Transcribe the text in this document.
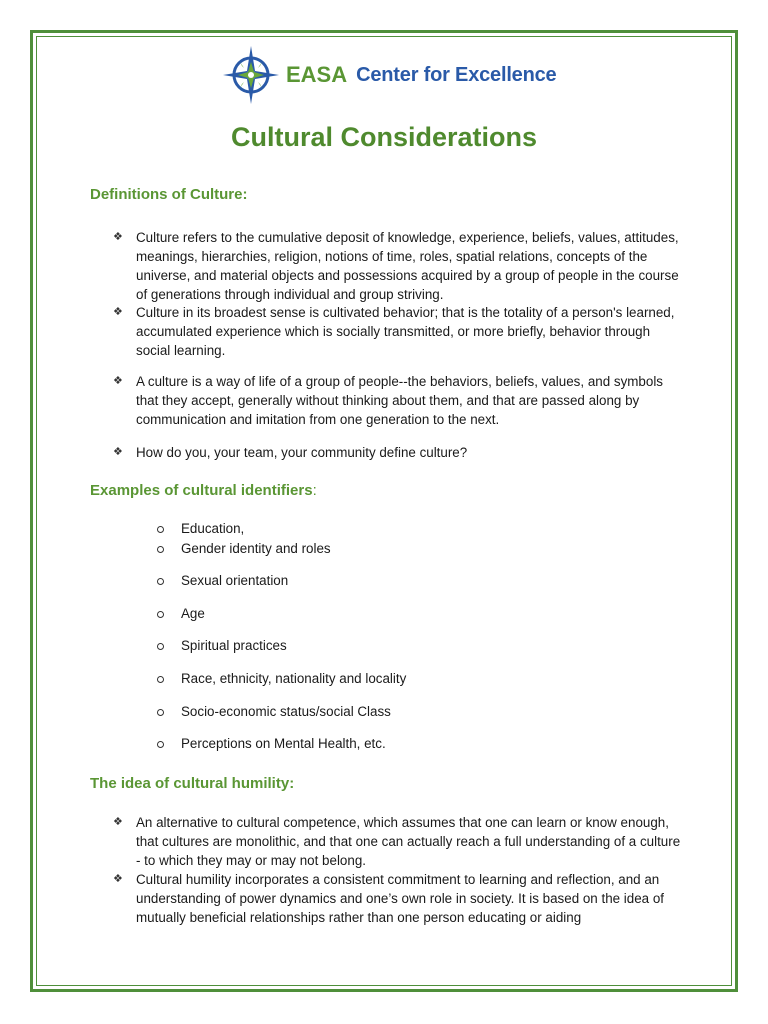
EASA Center for Excellence
Cultural Considerations
Definitions of Culture:
❖ Culture refers to the cumulative deposit of knowledge, experience, beliefs, values, attitudes, meanings, hierarchies, religion, notions of time, roles, spatial relations, concepts of the universe, and material objects and possessions acquired by a group of people in the course of generations through individual and group striving.
❖ Culture in its broadest sense is cultivated behavior; that is the totality of a person's learned, accumulated experience which is socially transmitted, or more briefly, behavior through social learning.
❖ A culture is a way of life of a group of people--the behaviors, beliefs, values, and symbols that they accept, generally without thinking about them, and that are passed along by communication and imitation from one generation to the next.
❖ How do you, your team, your community define culture?
Examples of cultural identifiers:
Education,
Gender identity and roles
Sexual orientation
Age
Spiritual practices
Race, ethnicity, nationality and locality
Socio-economic status/social Class
Perceptions on Mental Health, etc.
The idea of cultural humility:
❖ An alternative to cultural competence, which assumes that one can learn or know enough, that cultures are monolithic, and that one can actually reach a full understanding of a culture - to which they may or may not belong.
❖ Cultural humility incorporates a consistent commitment to learning and reflection, and an understanding of power dynamics and one’s own role in society. It is based on the idea of mutually beneficial relationships rather than one person educating or aiding
